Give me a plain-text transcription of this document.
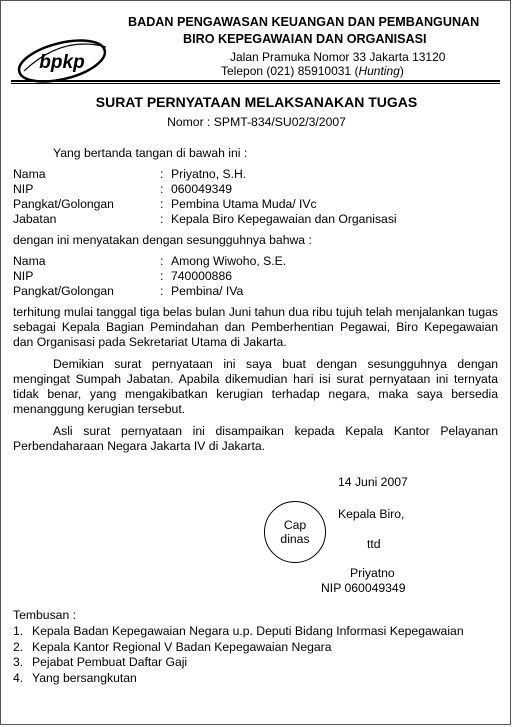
bpkp
BADAN PENGAWASAN KEUANGAN DAN PEMBANGUNAN
BIRO KEPEGAWAIAN DAN ORGANISASI
Jalan Pramuka Nomor 33 Jakarta 13120
Telepon (021) 85910031 (Hunting)
SURAT PERNYATAAN MELAKSANAKAN TUGAS
Nomor : SPMT-834/SU02/3/2007
Yang bertanda tangan di bawah ini :
Nama	: Priyatno, S.H.
NIP	: 060049349
Pangkat/Golongan	: Pembina Utama Muda/ IVc
Jabatan	: Kepala Biro Kepegawaian dan Organisasi
dengan ini menyatakan dengan sesungguhnya bahwa :
Nama	: Among Wiwoho, S.E.
NIP	: 740000886
Pangkat/Golongan	: Pembina/ IVa
terhitung mulai tanggal tiga belas bulan Juni tahun dua ribu tujuh telah menjalankan tugas sebagai Kepala Bagian Pemindahan dan Pemberhentian Pegawai, Biro Kepegawaian dan Organisasi pada Sekretariat Utama di Jakarta.
Demikian surat pernyataan ini saya buat dengan sesungguhnya dengan mengingat Sumpah Jabatan. Apabila dikemudian hari isi surat pernyataan ini ternyata tidak benar, yang mengakibatkan kerugian terhadap negara, maka saya bersedia menanggung kerugian tersebut.
Asli surat pernyataan ini disampaikan kepada Kepala Kantor Pelayanan Perbendaharaan Negara Jakarta IV di Jakarta.
14 Juni 2007
Kepala Biro,
Cap
dinas	ttd
Priyatno
NIP 060049349
Tembusan :
1. Kepala Badan Kepegawaian Negara u.p. Deputi Bidang Informasi Kepegawaian
2. Kepala Kantor Regional V Badan Kepegawaian Negara
3. Pejabat Pembuat Daftar Gaji
4. Yang bersangkutan
